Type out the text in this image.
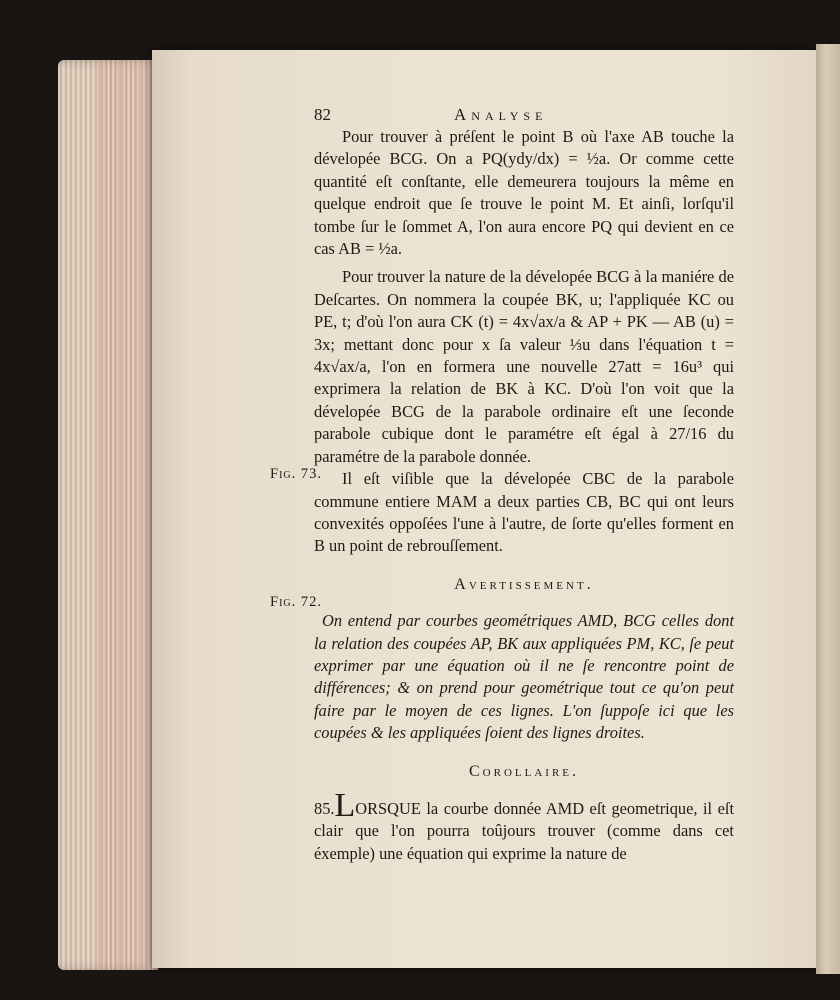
82	Analyse

Pour trouver à préſent le point B où l'axe AB touche la dévelopée BCG. On a PQ(ydy/dx) = ½a. Or comme cette quantité eſt conſtante, elle demeurera toujours la même en quelque endroit que ſe trouve le point M. Et ainſi, lorſqu'il tombe ſur le ſommet A, l'on aura encore PQ qui devient en ce cas AB = ½a.

Pour trouver la nature de la dévelopée BCG à la maniére de Deſcartes. On nommera la coupée BK, u; l'appliquée KC ou PE, t; d'où l'on aura CK (t) = 4x√ax/a & AP + PK — AB (u) = 3x; mettant donc pour x ſa valeur ⅓u dans l'équation t = 4x√ax/a, l'on en formera une nouvelle 27att = 16u³ qui exprimera la relation de BK à KC. D'où l'on voit que la dévelopée BCG de la parabole ordinaire eſt une ſeconde parabole cubique dont le paramétre eſt égal à 27/16 du paramétre de la parabole donnée.

Il eſt viſible que la dévelopée CBC de la parabole commune entiere MAM a deux parties CB, BC qui ont leurs convexités oppoſées l'une à l'autre, de ſorte qu'elles forment en B un point de rebrouſſement.

Avertissement.

On entend par courbes geométriques AMD, BCG celles dont la relation des coupées AP, BK aux appliquées PM, KC, ſe peut exprimer par une équation où il ne ſe rencontre point de différences; & on prend pour geométrique tout ce qu'on peut faire par le moyen de ces lignes. L'on ſuppoſe ici que les coupées & les appliquées ſoient des lignes droites.

Corollaire.

85.LORSQUE la courbe donnée AMD eſt geometrique, il eſt clair que l'on pourra toûjours trouver (comme dans cet éxemple) une équation qui exprime la nature de

Fig. 73.
Fig. 72.
